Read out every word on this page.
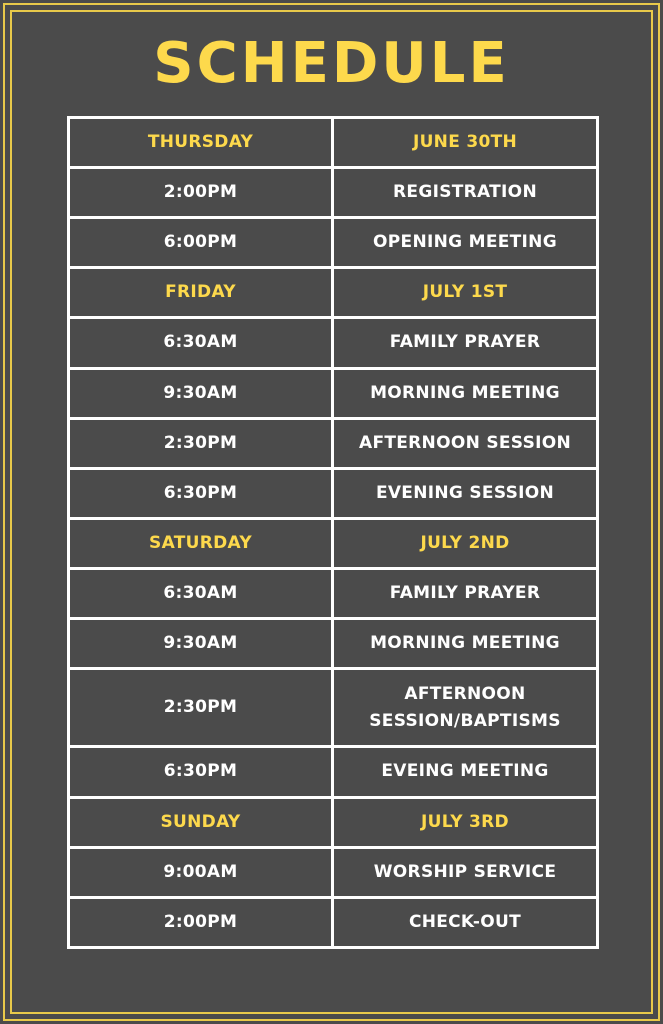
SCHEDULE
THURSDAY	JUNE 30TH
2:00PM	REGISTRATION
6:00PM	OPENING MEETING
FRIDAY	JULY 1ST
6:30AM	FAMILY PRAYER
9:30AM	MORNING MEETING
2:30PM	AFTERNOON SESSION
6:30PM	EVENING SESSION
SATURDAY	JULY 2ND
6:30AM	FAMILY PRAYER
9:30AM	MORNING MEETING
2:30PM	AFTERNOON SESSION/BAPTISMS
6:30PM	EVEING MEETING
SUNDAY	JULY 3RD
9:00AM	WORSHIP SERVICE
2:00PM	CHECK-OUT
